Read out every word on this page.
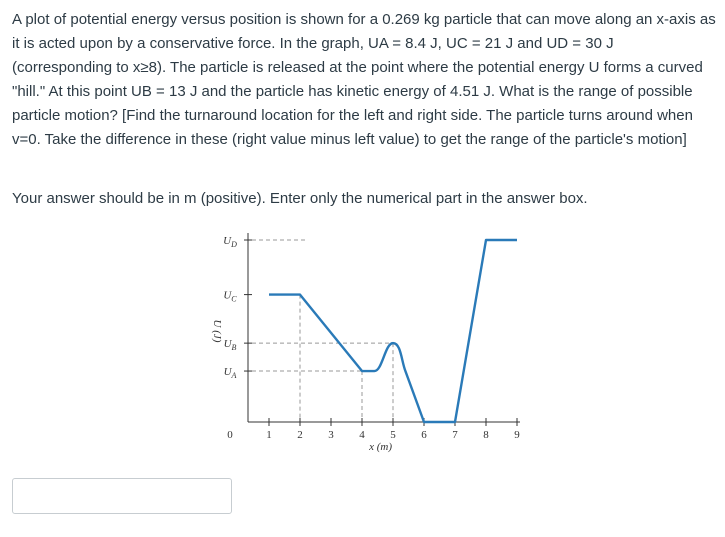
A plot of potential energy versus position is shown for a 0.269 kg particle that can move along an x-axis as it is acted upon by a conservative force. In the graph, UA = 8.4 J, UC = 21 J and UD = 30 J (corresponding to x≥8). The particle is released at the point where the potential energy U forms a curved "hill." At this point UB = 13 J and the particle has kinetic energy of 4.51 J. What is the range of possible particle motion? [Find the turnaround location for the left and right side. The particle turns around when v=0. Take the difference in these (right value minus left value) to get the range of the particle's motion]

Your answer should be in m (positive). Enter only the numerical part in the answer box.
$U_D$
$U_C$
$U_B$
$U_A$
U (J)
0	1 2 3 4 5 6 7 8 9
x (m)
